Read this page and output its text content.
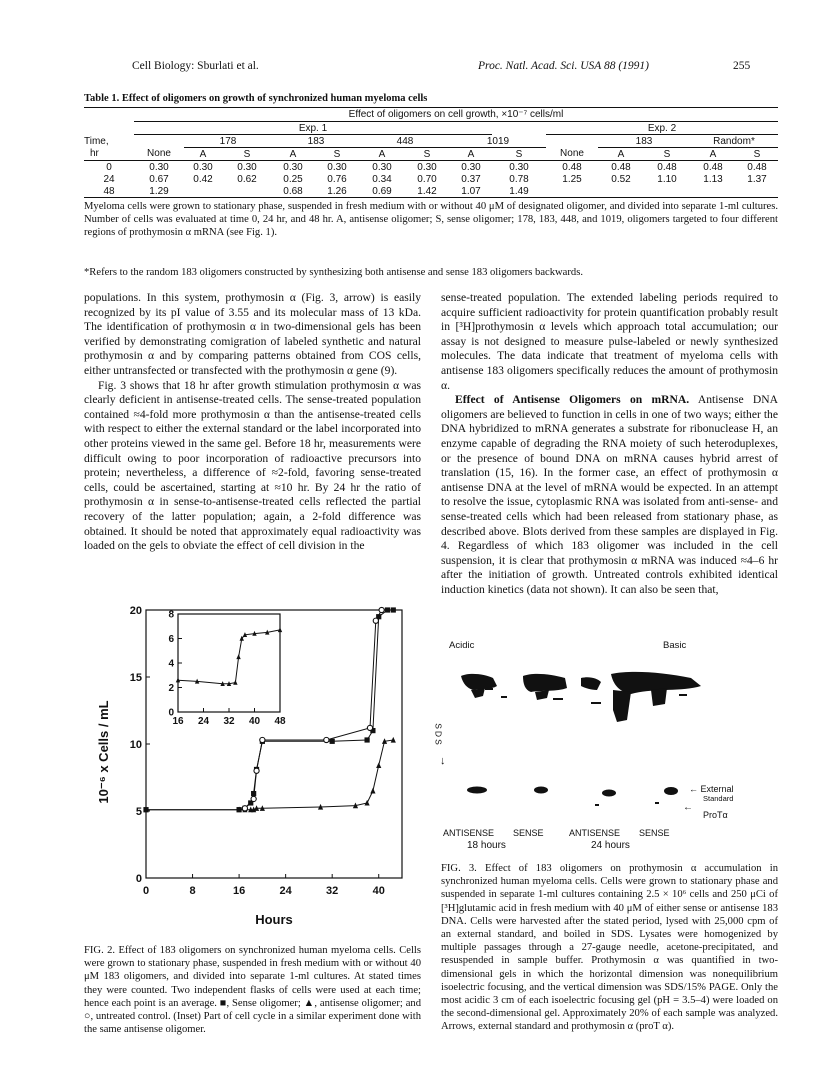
Cell Biology: Sburlati et al.	Proc. Natl. Acad. Sci. USA 88 (1991)	255
Table 1. Effect of oligomers on growth of synchronized human myeloma cells
	Effect of oligomers on cell growth, ×10⁻⁷ cells/ml													
	Exp. 1									Exp. 2				
Time,		178		183		448		1019			183		Random*	
hr	None	A	S	A	S	A	S	A	S	None	A	S	A	S
0	0.30	0.30	0.30	0.30	0.30	0.30	0.30	0.30	0.30	0.48	0.48	0.48	0.48	0.48
24	0.67	0.42	0.62	0.25	0.76	0.34	0.70	0.37	0.78	1.25	0.52	1.10	1.13	1.37
48	1.29			0.68	1.26	0.69	1.42	1.07	1.49					
Myeloma cells were grown to stationary phase, suspended in fresh medium with or without 40 μM of designated oligomer, and divided into separate 1-ml cultures. Number of cells was evaluated at time 0, 24 hr, and 48 hr. A, antisense oligomer; S, sense oligomer; 178, 183, 448, and 1019, oligomers targeted to four different regions of prothymosin α mRNA (see Fig. 1).
*Refers to the random 183 oligomers constructed by synthesizing both antisense and sense 183 oligomers backwards.

populations. In this system, prothymosin α (Fig. 3, arrow) is easily recognized by its pI value of 3.55 and its molecular mass of 13 kDa. The identification of prothymosin α in two-dimensional gels has been verified by demonstrating comigration of labeled synthetic and natural prothymosin α and by comparing patterns obtained from COS cells, either untransfected or transfected with the prothymosin α gene (9).

Fig. 3 shows that 18 hr after growth stimulation prothymosin α was clearly deficient in antisense-treated cells. The sense-treated population contained ≈4-fold more prothymosin α than the antisense-treated cells with respect to either the external standard or the label incorporated into other proteins viewed in the same gel. Before 18 hr, measurements were difficult owing to poor incorporation of radioactive precursors into protein; nevertheless, a difference of ≈2-fold, favoring sense-treated cells, could be ascertained, starting at ≈10 hr. By 24 hr the ratio of prothymosin α in sense-to-antisense-treated cells reflected the partial recovery of the latter population; again, a 2-fold difference was obtained. It should be noted that approximately equal radioactivity was loaded on the gels to obviate the effect of cell division in the

sense-treated population. The extended labeling periods required to acquire sufficient radioactivity for protein quantification probably result in [³H]prothymosin α levels which approach total accumulation; our assay is not designed to measure pulse-labeled or newly synthesized molecules. The data indicate that treatment of myeloma cells with antisense 183 oligomers specifically reduces the amount of prothymosin α.

Effect of Antisense Oligomers on mRNA. Antisense DNA oligomers are believed to function in cells in one of two ways; either the DNA hybridized to mRNA generates a substrate for ribonuclease H, an enzyme capable of degrading the RNA moiety of such heteroduplexes, or the presence of bound DNA on mRNA causes hybrid arrest of translation (15, 16). In the former case, an effect of prothymosin α antisense DNA at the level of mRNA would be expected. In an attempt to resolve the issue, cytoplasmic RNA was isolated from anti-sense- and sense-treated cells which had been released from stationary phase, as described above. Blots derived from these samples are displayed in Fig. 4. Regardless of which 183 oligomer was included in the cell suspension, it is clear that prothymosin α mRNA was induced ≈4–6 hr after the initiation of growth. Untreated controls exhibited identical induction kinetics (data not shown). It can also be seen that,

0	8	16	24	32	40
0
5
10
15
20
Hours
10⁻⁶ x Cells / mL	16 24 32 40 48
0
2
4
6
8
FIG. 2. Effect of 183 oligomers on synchronized human myeloma cells. Cells were grown to stationary phase, suspended in fresh medium with or without 40 μM 183 oligomers, and divided into separate 1-ml cultures. At stated times they were counted. Two independent flasks of cells were used at each time; hence each point is an average. ■, Sense oligomer; ▲, antisense oligomer; and ○, untreated control. (Inset) Part of cell cycle in a similar experiment done with the same antisense oligomer.
Acidic	Basic
SDS
↓
← External
Standard
←
ProTα
ANTISENSE SENSE
18 hours
ANTISENSE SENSE
24 hours
FIG. 3. Effect of 183 oligomers on prothymosin α accumulation in synchronized human myeloma cells. Cells were grown to stationary phase and suspended in separate 1-ml cultures containing 2.5 × 10⁶ cells and 250 μCi of [³H]glutamic acid in fresh medium with 40 μM of either sense or antisense 183 DNA. Cells were harvested after the stated period, lysed with 25,000 cpm of an external standard, and boiled in SDS. Lysates were homogenized by multiple passages through a 27-gauge needle, acetone-precipitated, and resuspended in sample buffer. Prothymosin α was quantified in two-dimensional gels in which the horizontal dimension was nonequilibrium isoelectric focusing, and the vertical dimension was SDS/15% PAGE. Only the most acidic 3 cm of each isoelectric focusing gel (pH = 3.5–4) were loaded on the second-dimensional gel. Approximately 20% of each sample was analyzed. Arrows, external standard and prothymosin α (proT α).
